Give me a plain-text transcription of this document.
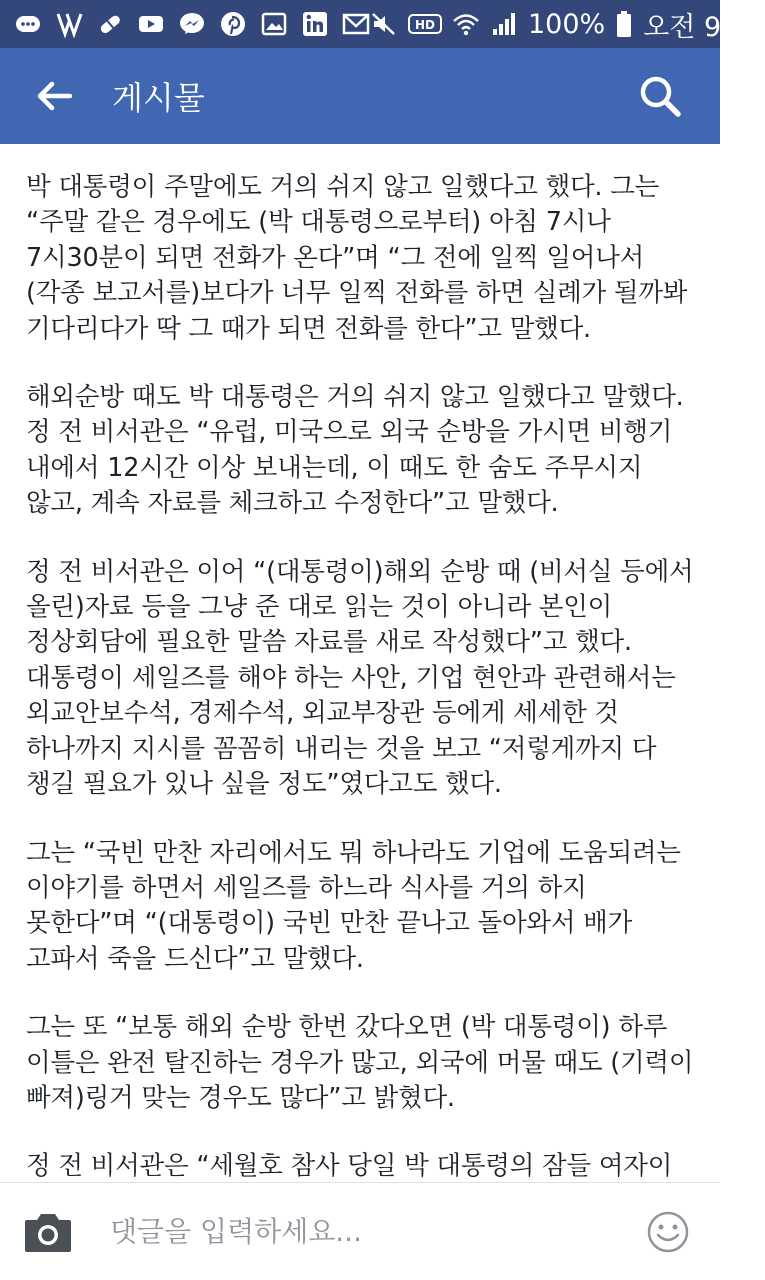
HD	100% 오전 9:49
게시물

박 대통령이 주말에도 거의 쉬지 않고 일했다고 했다. 그는
“주말 같은 경우에도 (박 대통령으로부터) 아침 7시나
7시30분이 되면 전화가 온다”며 “그 전에 일찍 일어나서
(각종 보고서를)보다가 너무 일찍 전화를 하면 실례가 될까봐
기다리다가 딱 그 때가 되면 전화를 한다”고 말했다.

해외순방 때도 박 대통령은 거의 쉬지 않고 일했다고 말했다.
정 전 비서관은 “유럽, 미국으로 외국 순방을 가시면 비행기
내에서 12시간 이상 보내는데, 이 때도 한 숨도 주무시지
않고, 계속 자료를 체크하고 수정한다”고 말했다.

정 전 비서관은 이어 “(대통령이)해외 순방 때 (비서실 등에서
올린)자료 등을 그냥 준 대로 읽는 것이 아니라 본인이
정상회담에 필요한 말씀 자료를 새로 작성했다”고 했다.
대통령이 세일즈를 해야 하는 사안, 기업 현안과 관련해서는
외교안보수석, 경제수석, 외교부장관 등에게 세세한 것
하나까지 지시를 꼼꼼히 내리는 것을 보고 “저렇게까지 다
챙길 필요가 있나 싶을 정도”였다고도 했다.

그는 “국빈 만찬 자리에서도 뭐 하나라도 기업에 도움되려는
이야기를 하면서 세일즈를 하느라 식사를 거의 하지
못한다”며 “(대통령이) 국빈 만찬 끝나고 돌아와서 배가
고파서 죽을 드신다”고 말했다.

그는 또 “보통 해외 순방 한번 갔다오면 (박 대통령이) 하루
이틀은 완전 탈진하는 경우가 많고, 외국에 머물 때도 (기력이
빠져)링거 맞는 경우도 많다”고 밝혔다.

정 전 비서관은 “세월호 참사 당일 박 대통령의 잠들 여자이

댓글을 입력하세요...
